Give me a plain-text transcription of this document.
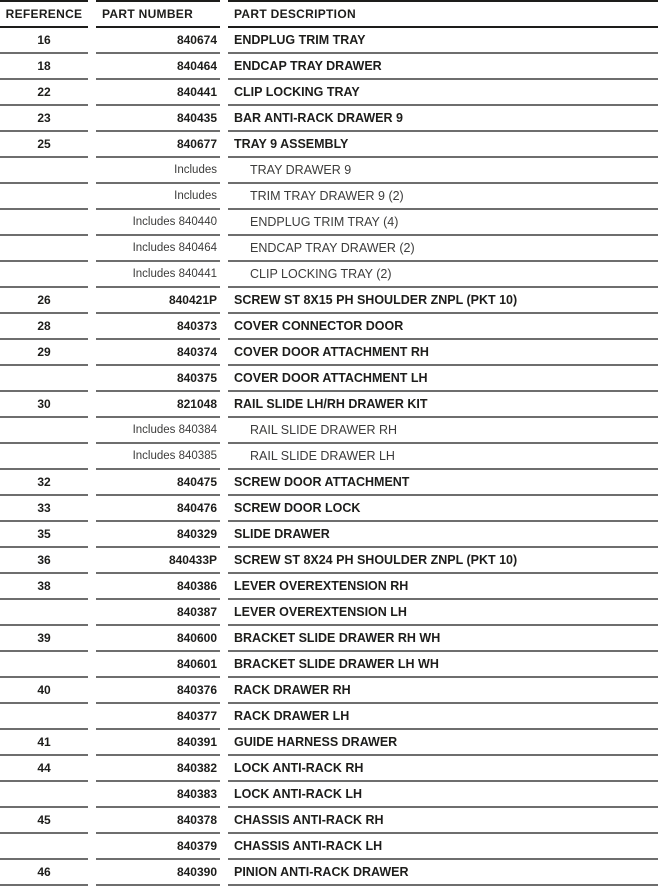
REFERENCE		PART NUMBER		PART DESCRIPTION
16		840674		ENDPLUG TRIM TRAY
18		840464		ENDCAP TRAY DRAWER
22		840441		CLIP LOCKING TRAY
23		840435		BAR ANTI-RACK DRAWER 9
25		840677		TRAY 9 ASSEMBLY
		Includes		TRAY DRAWER 9
		Includes		TRIM TRAY DRAWER 9 (2)
		Includes 840440		ENDPLUG TRIM TRAY (4)
		Includes 840464		ENDCAP TRAY DRAWER (2)
		Includes 840441		CLIP LOCKING TRAY (2)
26		840421P		SCREW ST 8X15 PH SHOULDER ZNPL (PKT 10)
28		840373		COVER CONNECTOR DOOR
29		840374		COVER DOOR ATTACHMENT RH
		840375		COVER DOOR ATTACHMENT LH
30		821048		RAIL SLIDE LH/RH DRAWER KIT
		Includes 840384		RAIL SLIDE DRAWER RH
		Includes 840385		RAIL SLIDE DRAWER LH
32		840475		SCREW DOOR ATTACHMENT
33		840476		SCREW DOOR LOCK
35		840329		SLIDE DRAWER
36		840433P		SCREW ST 8X24 PH SHOULDER ZNPL (PKT 10)
38		840386		LEVER OVEREXTENSION RH
		840387		LEVER OVEREXTENSION LH
39		840600		BRACKET SLIDE DRAWER RH WH
		840601		BRACKET SLIDE DRAWER LH WH
40		840376		RACK DRAWER RH
		840377		RACK DRAWER LH
41		840391		GUIDE HARNESS DRAWER
44		840382		LOCK ANTI-RACK RH
		840383		LOCK ANTI-RACK LH
45		840378		CHASSIS ANTI-RACK RH
		840379		CHASSIS ANTI-RACK LH
46		840390		PINION ANTI-RACK DRAWER
